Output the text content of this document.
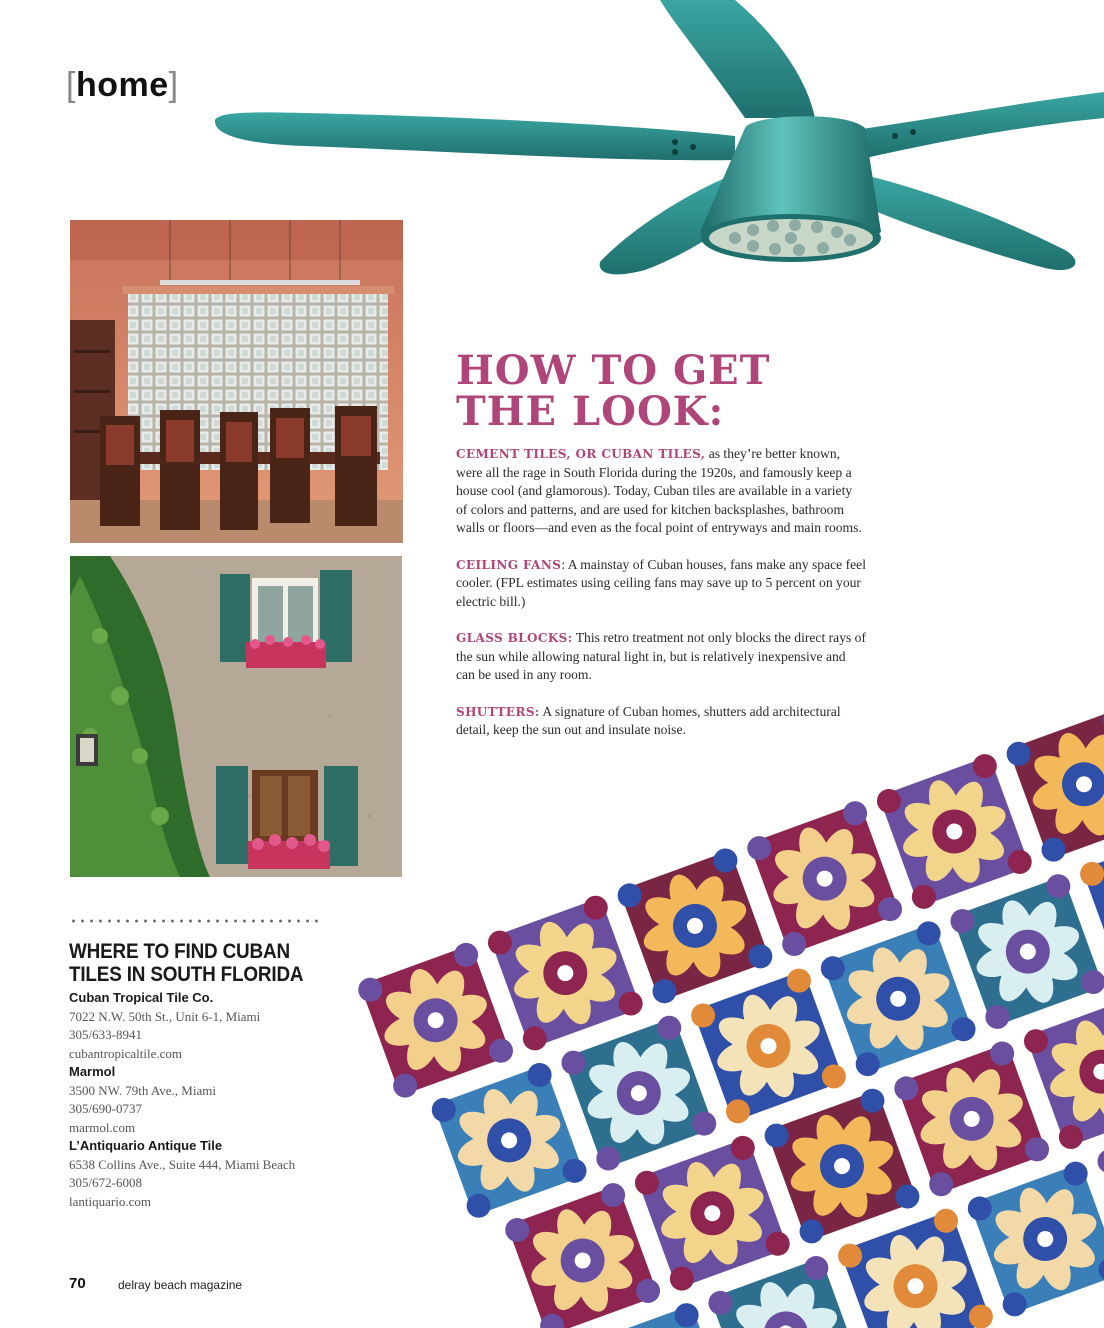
[home]
HOW TO GET
THE LOOK:

CEMENT TILES, OR CUBAN TILES, as they’re better known, were all the rage in South Florida during the 1920s, and famously keep a house cool (and glamorous). Today, Cuban tiles are available in a variety of colors and patterns, and are used for kitchen backsplashes, bathroom walls or floors—and even as the focal point of entryways and main rooms.

CEILING FANS: A mainstay of Cuban houses, fans make any space feel cooler. (FPL estimates using ceiling fans may save up to 5 percent on your electric bill.)

GLASS BLOCKS: This retro treatment not only blocks the direct rays of the sun while allowing natural light in, but is relatively inexpensive and can be used in any room.

SHUTTERS: A signature of Cuban homes, shutters add architectural detail, keep the sun out and insulate noise.

WHERE TO FIND CUBAN
TILES IN SOUTH FLORIDA
Cuban Tropical Tile Co.
7022 N.W. 50th St., Unit 6-1, Miami
305/633-8941
cubantropicaltile.com
Marmol
3500 NW. 79th Ave., Miami
305/690-0737
marmol.com
L’Antiquario Antique Tile
6538 Collins Ave., Suite 444, Miami Beach
305/672-6008
lantiquario.com
70	delray beach magazine
